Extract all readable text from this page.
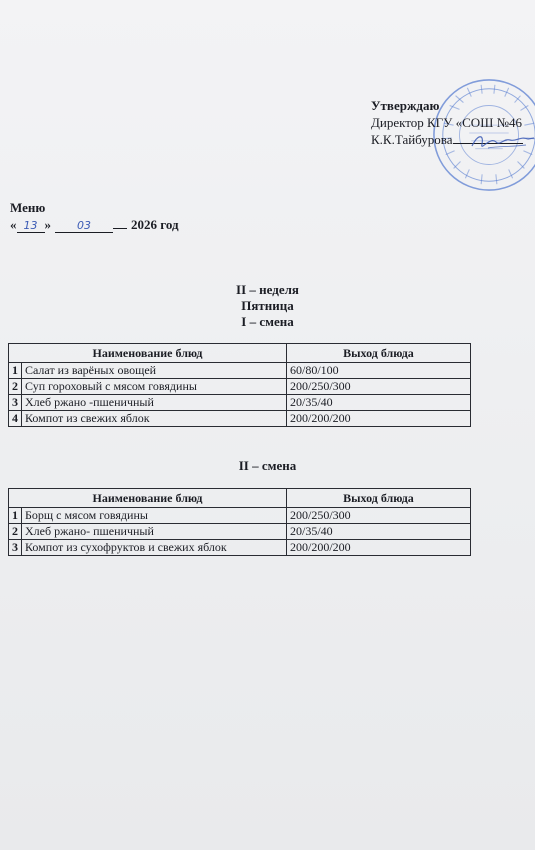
Утверждаю
Директор КГУ «СОШ №46
К.К.Тайбурова
Меню
« 13 »	03	2026 год
II – неделя
Пятница
I – смена
Наименование блюд		Выход блюда
1	Салат из варёных овощей	60/80/100
2	Суп гороховый с мясом говядины	200/250/300
3	Хлеб ржано -пшеничный	20/35/40
4	Компот из свежих яблок	200/200/200
II – смена
Наименование блюд		Выход блюда
1	Борщ с мясом говядины	200/250/300
2	Хлеб ржано- пшеничный	20/35/40
3	Компот из сухофруктов и свежих яблок	200/200/200
